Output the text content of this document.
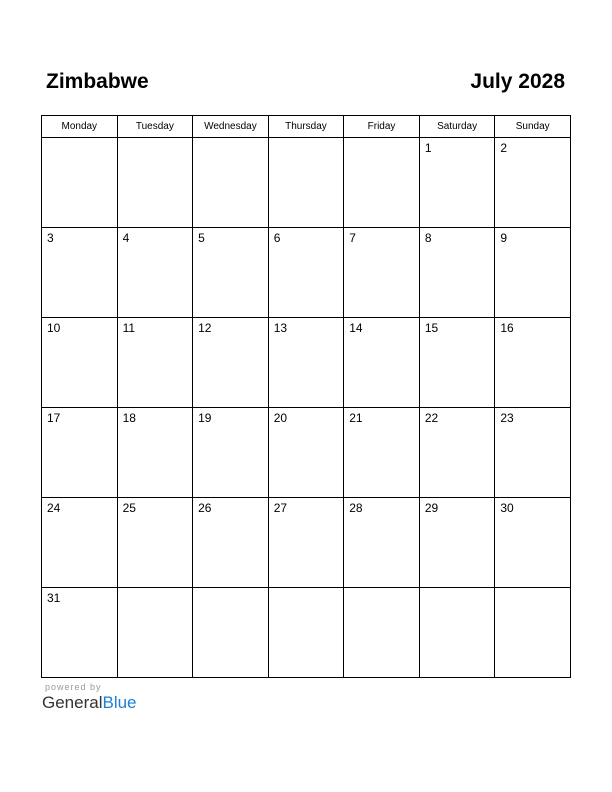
Zimbabwe	July 2028
Monday	Tuesday	Wednesday	Thursday	Friday	Saturday	Sunday

					1	2

3	4	5	6	7	8	9

10	11	12	13	14	15	16

17	18	19	20	21	22	23

24	25	26	27	28	29	30

31						

powered by
GeneralBlue
